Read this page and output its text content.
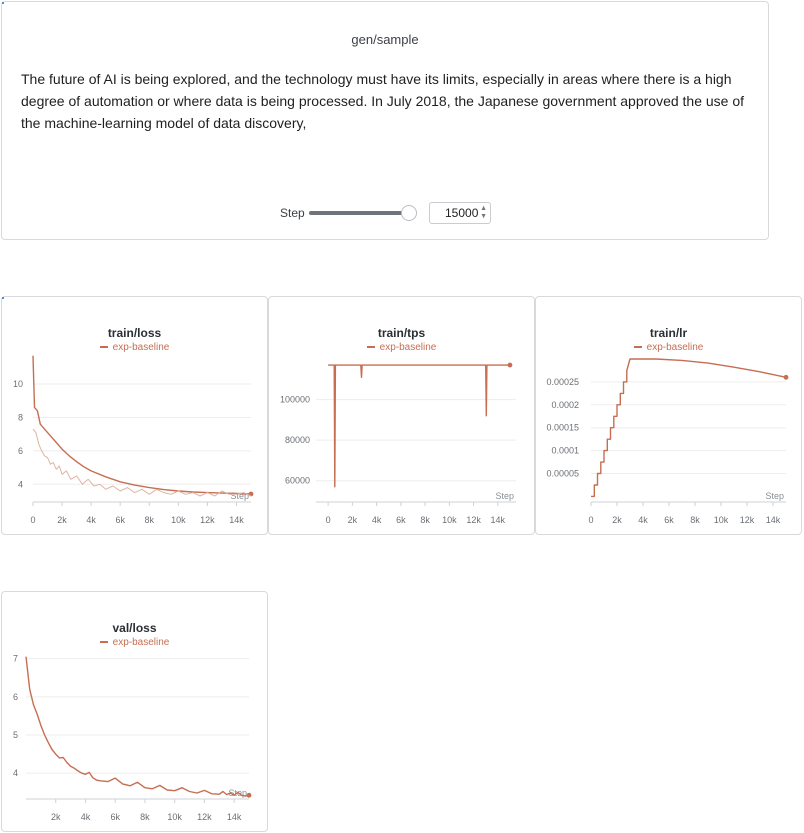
gen/sample
The future of AI is being explored, and the technology must have its limits, especially in areas where there is a high degree of automation or where data is being processed. In July 2018, the Japanese government approved the use of the machine-learning model of data discovery,
Step	15000 ▲
▼
train/loss
exp-baseline
4
6
8
10
0 2k 4k 6k 8k 10k 12k 14k
Step
train/tps
exp-baseline
60000
80000
100000
0 2k 4k 6k 8k 10k 12k 14k
Step
train/lr
exp-baseline
0.00005
0.0001
0.00015
0.0002
0.00025
0 2k 4k 6k 8k 10k 12k 14k
Step
val/loss
exp-baseline
4
5
6
7
2k 4k 6k 8k 10k 12k 14k
Step
